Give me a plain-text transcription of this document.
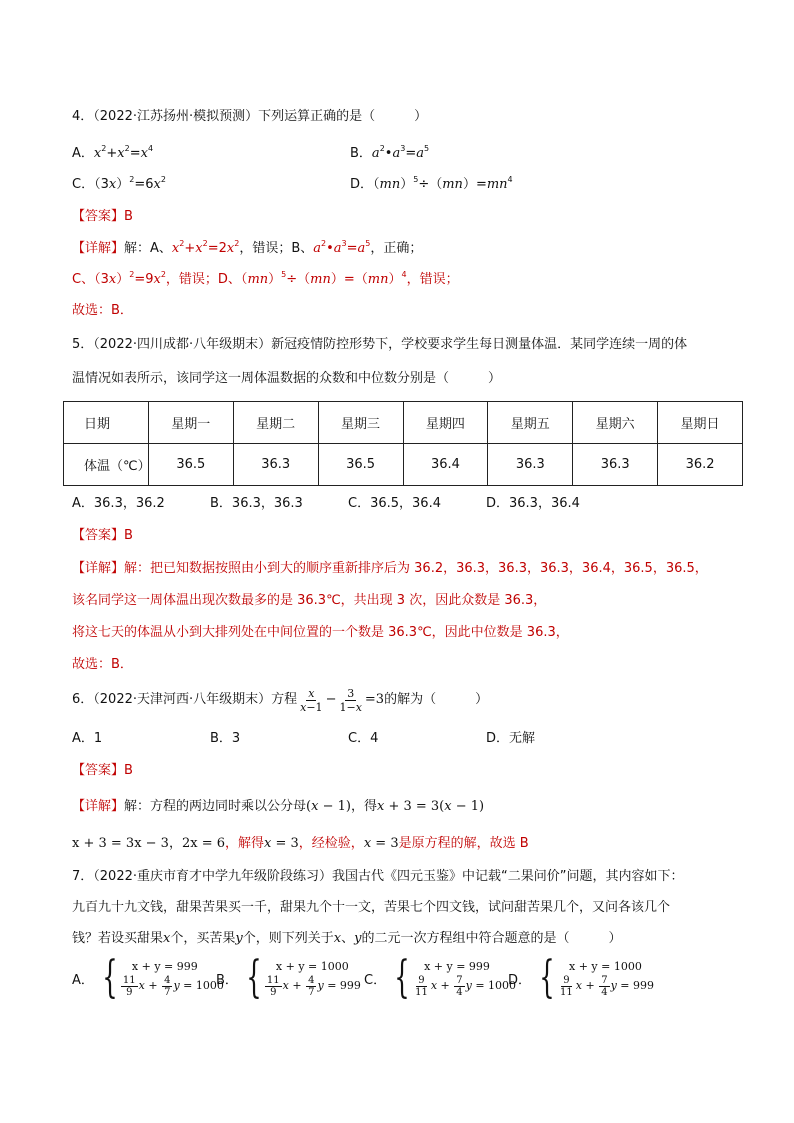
4．（2022·江苏扬州·模拟预测）下列运算正确的是（　　　）
A．$x^2+x^2=x^4$	B．$a^2•a^3=a^5$
C．$(3x)^2=6x^2$	D．$(mn)^5\div(mn)=mn^4$
【答案】B
【详解】解：A、$x^2+x^2=2x^2$，错误；B、$a^2•a^3=a^5$，正确；
C、$(3x)^2=9x^2$，错误；D、（mn）$^5$÷（mn）=（mn）$^4$，错误；
故选：B．
5．（2022·四川成都·八年级期末）新冠疫情防控形势下，学校要求学生每日测量体温．某同学连续一周的体
温情况如表所示，该同学这一周体温数据的众数和中位数分别是（　　　）
日期	星期一	星期二	星期三	星期四	星期五	星期六	星期日
体温（℃）	36.5	36.3	36.5	36.4	36.3	36.3	36.2
A．36.3，36.2	B．36.3，36.3	C．36.5，36.4	D．36.3，36.4
【答案】B
【详解】解：把已知数据按照由小到大的顺序重新排序后为 36.2，36.3，36.3，36.3，36.4，36.5，36.5，
该名同学这一周体温出现次数最多的是 36.3℃，共出现 3 次，因此众数是 36.3，
将这七天的体温从小到大排列处在中间位置的一个数是 36.3℃，因此中位数是 36.3，
故选：B．
6．（2022·天津河西·八年级期末）方程 $\frac{x}{x-1} - \frac{3}{1-x} =3$ 的解为（　　　）
A．1	B．3	C．4	D．无解
【答案】B
【详解】解：方程的两边同时乘以公分母(x − 1)，得x + 3 = 3(x − 1)
x + 3 = 3x − 3，2x = 6，解得x = 3，经检验，x = 3是原方程的解，故选 B
7．（2022·重庆市育才中学九年级阶段练习）我国古代《四元玉鉴》中记载“二果问价”问题，其内容如下：
九百九十九文钱，甜果苦果买一千，甜果九个十一文，苦果七个四文钱，试问甜苦果几个，又问各该几个
钱？若设买甜果x个，买苦果y个，则下列关于x、y的二元一次方程组中符合题意的是（　　　）
A． {	x + y = 999
$\frac{11}{9}$ $x + \frac{4}{7}$ y
= 1000
B． {	x + y = 1000
$\frac{11}{9}$ $x + \frac{4}{7}$ y
= 999 C． {	x + y = 999
$\frac{9}{11}$ $x + \frac{7}{4}$ y
= 1000
D． {	x + y = 1000
$\frac{9}{11}$ $x + \frac{7}{4}$ y
= 999
